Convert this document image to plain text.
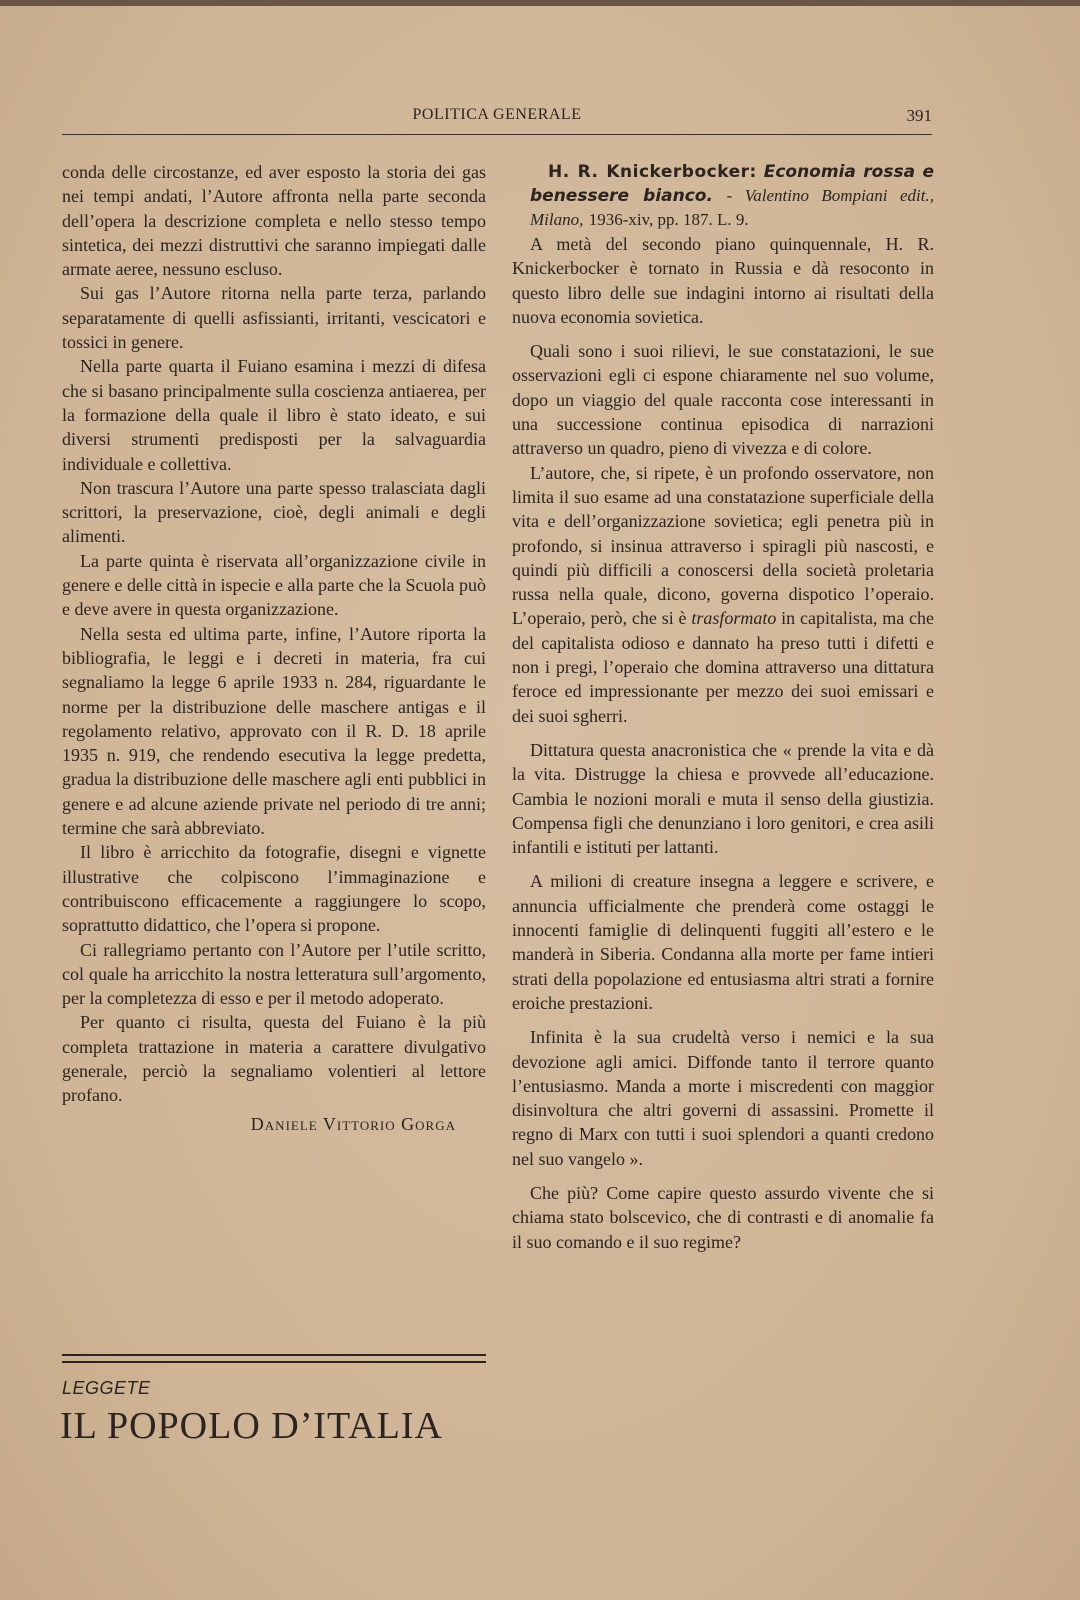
POLITICA GENERALE	391

conda delle circostanze, ed aver esposto la storia dei gas nei tempi andati, l’Autore affronta nella parte seconda dell’opera la descrizione completa e nello stesso tempo sintetica, dei mezzi distruttivi che saranno impiegati dalle armate aeree, nessuno escluso.

Sui gas l’Autore ritorna nella parte terza, parlando separatamente di quelli asfissianti, irritanti, vescicatori e tossici in genere.

Nella parte quarta il Fuiano esamina i mezzi di difesa che si basano principalmente sulla coscienza antiaerea, per la formazione della quale il libro è stato ideato, e sui diversi strumenti predisposti per la salvaguardia individuale e collettiva.

Non trascura l’Autore una parte spesso tralasciata dagli scrittori, la preservazione, cioè, degli animali e degli alimenti.

La parte quinta è riservata all’organizzazione civile in genere e delle città in ispecie e alla parte che la Scuola può e deve avere in questa organizzazione.

Nella sesta ed ultima parte, infine, l’Autore riporta la bibliografia, le leggi e i decreti in materia, fra cui segnaliamo la legge 6 aprile 1933 n. 284, riguardante le norme per la distribuzione delle maschere antigas e il regolamento relativo, approvato con il R. D. 18 aprile 1935 n. 919, che rendendo esecutiva la legge predetta, gradua la distribuzione delle maschere agli enti pubblici in genere e ad alcune aziende private nel periodo di tre anni; termine che sarà abbreviato.

Il libro è arricchito da fotografie, disegni e vignette illustrative che colpiscono l’immaginazione e contribuiscono efficacemente a raggiungere lo scopo, soprattutto didattico, che l’opera si propone.

Ci rallegriamo pertanto con l’Autore per l’utile scritto, col quale ha arricchito la nostra letteratura sull’argomento, per la completezza di esso e per il metodo adoperato.

Per quanto ci risulta, questa del Fuiano è la più completa trattazione in materia a carattere divulgativo generale, perciò la segnaliamo volentieri al lettore profano.

Daniele Vittorio Gorga
LEGGETE
IL POPOLO D’ITALIA

H. R. Knickerbocker: Economia rossa e benessere bianco. - Valentino Bompiani edit., Milano, 1936-xiv, pp. 187. L. 9.

A metà del secondo piano quinquennale, H. R. Knickerbocker è tornato in Russia e dà resoconto in questo libro delle sue indagini intorno ai risultati della nuova economia sovietica.

Quali sono i suoi rilievi, le sue constatazioni, le sue osservazioni egli ci espone chiaramente nel suo volume, dopo un viaggio del quale racconta cose interessanti in una successione continua episodica di narrazioni attraverso un quadro, pieno di vivezza e di colore.

L’autore, che, si ripete, è un profondo osservatore, non limita il suo esame ad una constatazione superficiale della vita e dell’organizzazione sovietica; egli penetra più in profondo, si insinua attraverso i spiragli più nascosti, e quindi più difficili a conoscersi della società proletaria russa nella quale, dicono, governa dispotico l’operaio. L’operaio, però, che si è trasformato in capitalista, ma che del capitalista odioso e dannato ha preso tutti i difetti e non i pregi, l’operaio che domina attraverso una dittatura feroce ed impressionante per mezzo dei suoi emissari e dei suoi sgherri.

Dittatura questa anacronistica che « prende la vita e dà la vita. Distrugge la chiesa e provvede all’educazione. Cambia le nozioni morali e muta il senso della giustizia. Compensa figli che denunziano i loro genitori, e crea asili infantili e istituti per lattanti.

A milioni di creature insegna a leggere e scrivere, e annuncia ufficialmente che prenderà come ostaggi le innocenti famiglie di delinquenti fuggiti all’estero e le manderà in Siberia. Condanna alla morte per fame intieri strati della popolazione ed entusiasma altri strati a fornire eroiche prestazioni.

Infinita è la sua crudeltà verso i nemici e la sua devozione agli amici. Diffonde tanto il terrore quanto l’entusiasmo. Manda a morte i miscredenti con maggior disinvoltura che altri governi di assassini. Promette il regno di Marx con tutti i suoi splendori a quanti credono nel suo vangelo ».

Che più? Come capire questo assurdo vivente che si chiama stato bolscevico, che di contrasti e di anomalie fa il suo comando e il suo regime?
